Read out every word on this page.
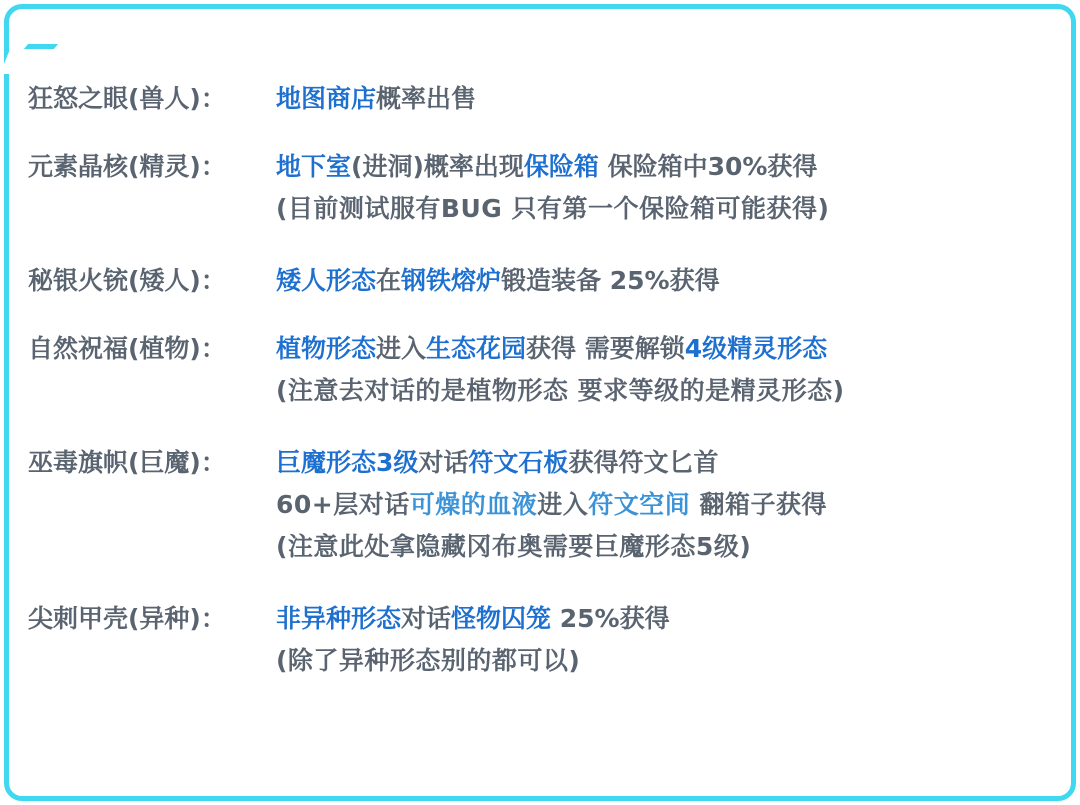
狂怒之眼(兽人)：	地图商店概率出售
元素晶核(精灵)：	地下室(进洞)概率出现保险箱 保险箱中30%获得
(目前测试服有BUG 只有第一个保险箱可能获得)
秘银火铳(矮人)：	矮人形态在钢铁熔炉锻造装备 25%获得
自然祝福(植物)：	植物形态进入生态花园获得 需要解锁4级精灵形态
(注意去对话的是植物形态 要求等级的是精灵形态)
巫毒旗帜(巨魔)：	巨魔形态3级对话符文石板获得符文匕首
60+层对话可燥的血液进入符文空间 翻箱子获得
(注意此处拿隐藏冈布奥需要巨魔形态5级)
尖刺甲壳(异种)：	非异种形态对话怪物囚笼 25%获得
(除了异种形态别的都可以)
